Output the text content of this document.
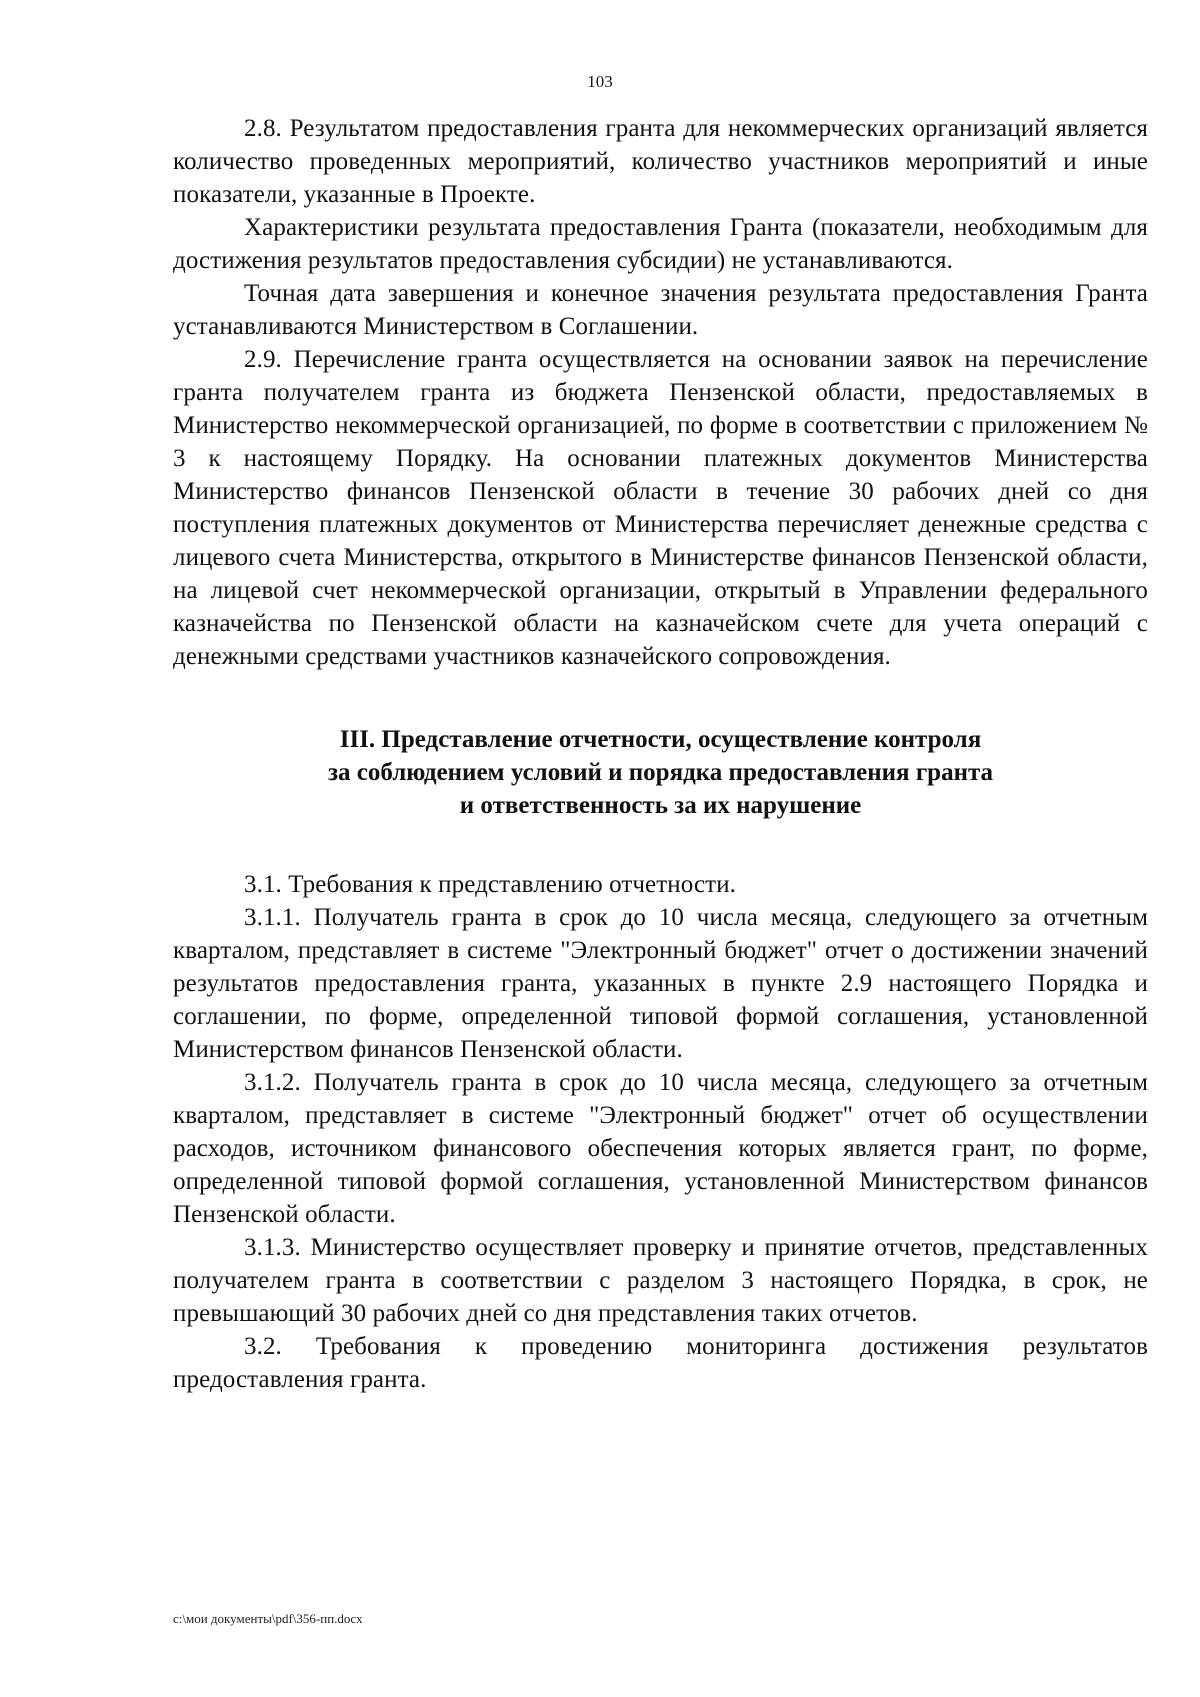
103

2.8. Результатом предоставления гранта для некоммерческих организаций является количество проведенных мероприятий, количество участников мероприятий и иные показатели, указанные в Проекте.

Характеристики результата предоставления Гранта (показатели, необходимым для достижения результатов предоставления субсидии) не устанавливаются.

Точная дата завершения и конечное значения результата предоставления Гранта устанавливаются Министерством в Соглашении.

2.9. Перечисление гранта осуществляется на основании заявок на перечисление гранта получателем гранта из бюджета Пензенской области, предоставляемых в Министерство некоммерческой организацией, по форме в соответствии с приложением № 3 к настоящему Порядку. На основании платежных документов Министерства Министерство финансов Пензенской области в течение 30 рабочих дней со дня поступления платежных документов от Министерства перечисляет денежные средства с лицевого счета Министерства, открытого в Министерстве финансов Пензенской области, на лицевой счет некоммерческой организации, открытый в Управлении федерального казначейства по Пензенской области на казначейском счете для учета операций с денежными средствами участников казначейского сопровождения.

III. Представление отчетности, осуществление контроля
за соблюдением условий и порядка предоставления гранта
и ответственность за их нарушение

3.1. Требования к представлению отчетности.

3.1.1. Получатель гранта в срок до 10 числа месяца, следующего за отчетным кварталом, представляет в системе "Электронный бюджет" отчет о достижении значений результатов предоставления гранта, указанных в пункте 2.9 настоящего Порядка и соглашении, по форме, определенной типовой формой соглашения, установленной Министерством финансов Пензенской области.

3.1.2. Получатель гранта в срок до 10 числа месяца, следующего за отчетным кварталом, представляет в системе "Электронный бюджет" отчет об осуществлении расходов, источником финансового обеспечения которых является грант, по форме, определенной типовой формой соглашения, установленной Министерством финансов Пензенской области.

3.1.3. Министерство осуществляет проверку и принятие отчетов, представленных получателем гранта в соответствии с разделом 3 настоящего Порядка, в срок, не превышающий 30 рабочих дней со дня представления таких отчетов.

3.2. Требования к проведению мониторинга достижения результатов предоставления гранта.

c:\мои документы\pdf\356-пп.docx
